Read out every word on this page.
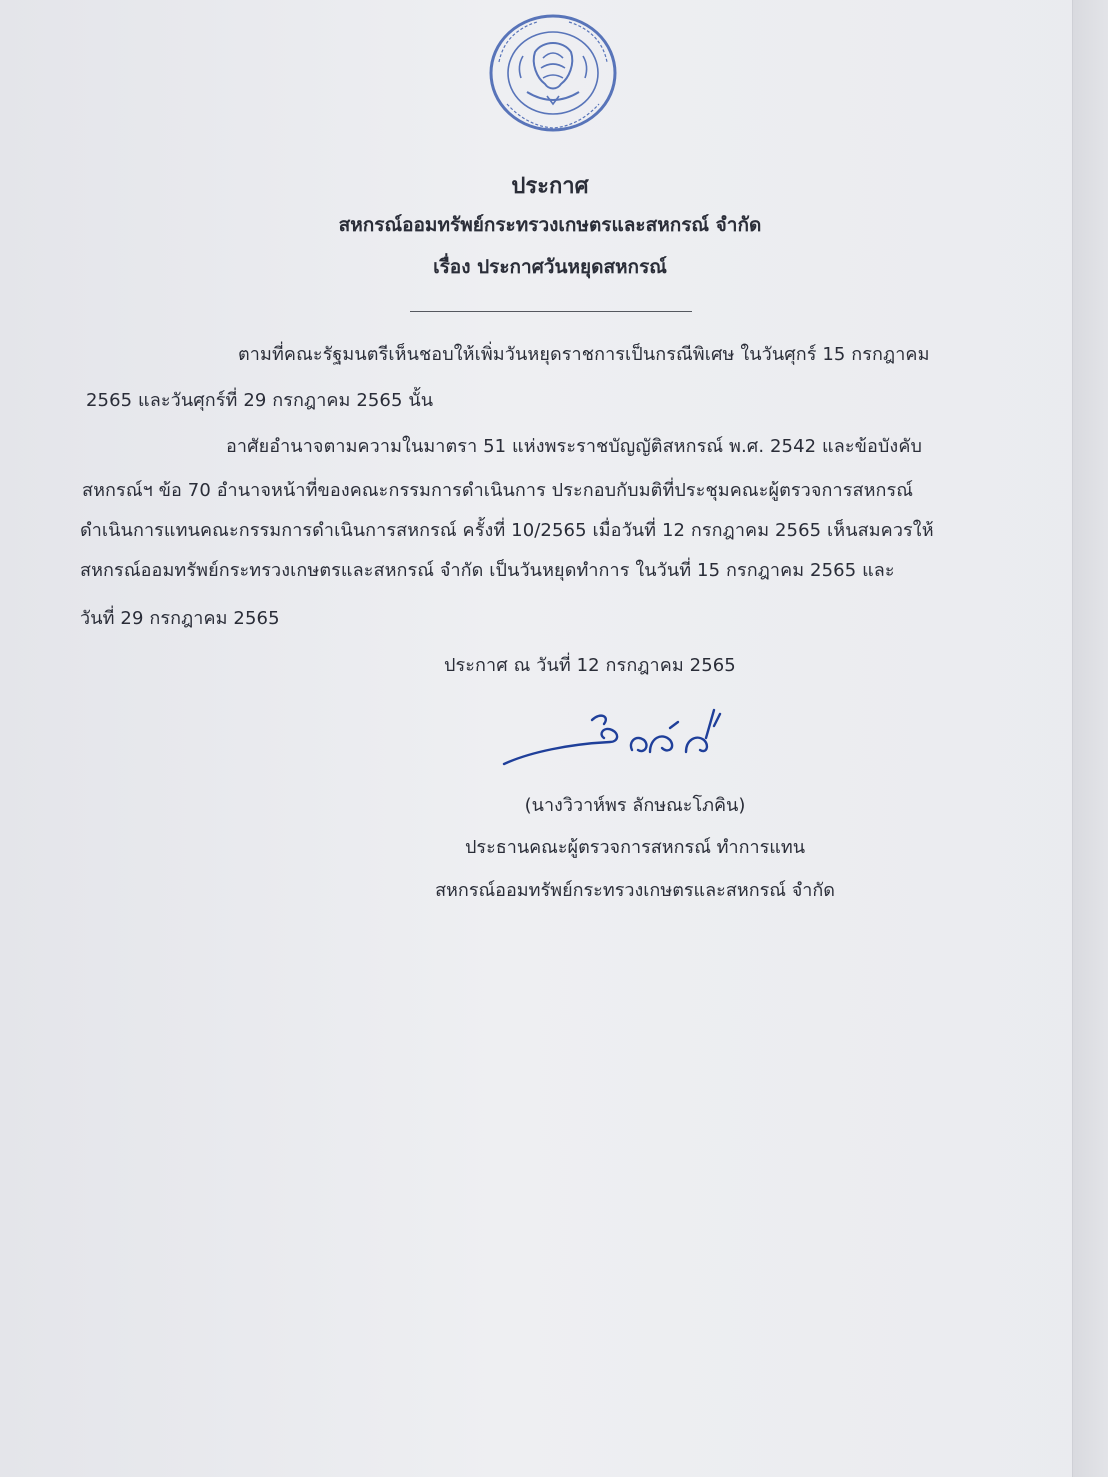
ประกาศ
สหกรณ์ออมทรัพย์กระทรวงเกษตรและสหกรณ์ จำกัด
เรื่อง ประกาศวันหยุดสหกรณ์
ตามที่คณะรัฐมนตรีเห็นชอบให้เพิ่มวันหยุดราชการเป็นกรณีพิเศษ ในวันศุกร์ 15 กรกฎาคม
2565 และวันศุกร์ที่ 29 กรกฎาคม 2565 นั้น
อาศัยอำนาจตามความในมาตรา 51 แห่งพระราชบัญญัติสหกรณ์ พ.ศ. 2542 และข้อบังคับ
สหกรณ์ฯ ข้อ 70 อำนาจหน้าที่ของคณะกรรมการดำเนินการ ประกอบกับมติที่ประชุมคณะผู้ตรวจการสหกรณ์
ดำเนินการแทนคณะกรรมการดำเนินการสหกรณ์ ครั้งที่ 10/2565 เมื่อวันที่ 12 กรกฎาคม 2565 เห็นสมควรให้
สหกรณ์ออมทรัพย์กระทรวงเกษตรและสหกรณ์ จำกัด เป็นวันหยุดทำการ ในวันที่ 15 กรกฎาคม 2565 และ
วันที่ 29 กรกฎาคม 2565
ประกาศ ณ วันที่ 12 กรกฎาคม 2565
(นางวิวาห์พร ลักษณะโภคิน)
ประธานคณะผู้ตรวจการสหกรณ์ ทำการแทน
สหกรณ์ออมทรัพย์กระทรวงเกษตรและสหกรณ์ จำกัด
